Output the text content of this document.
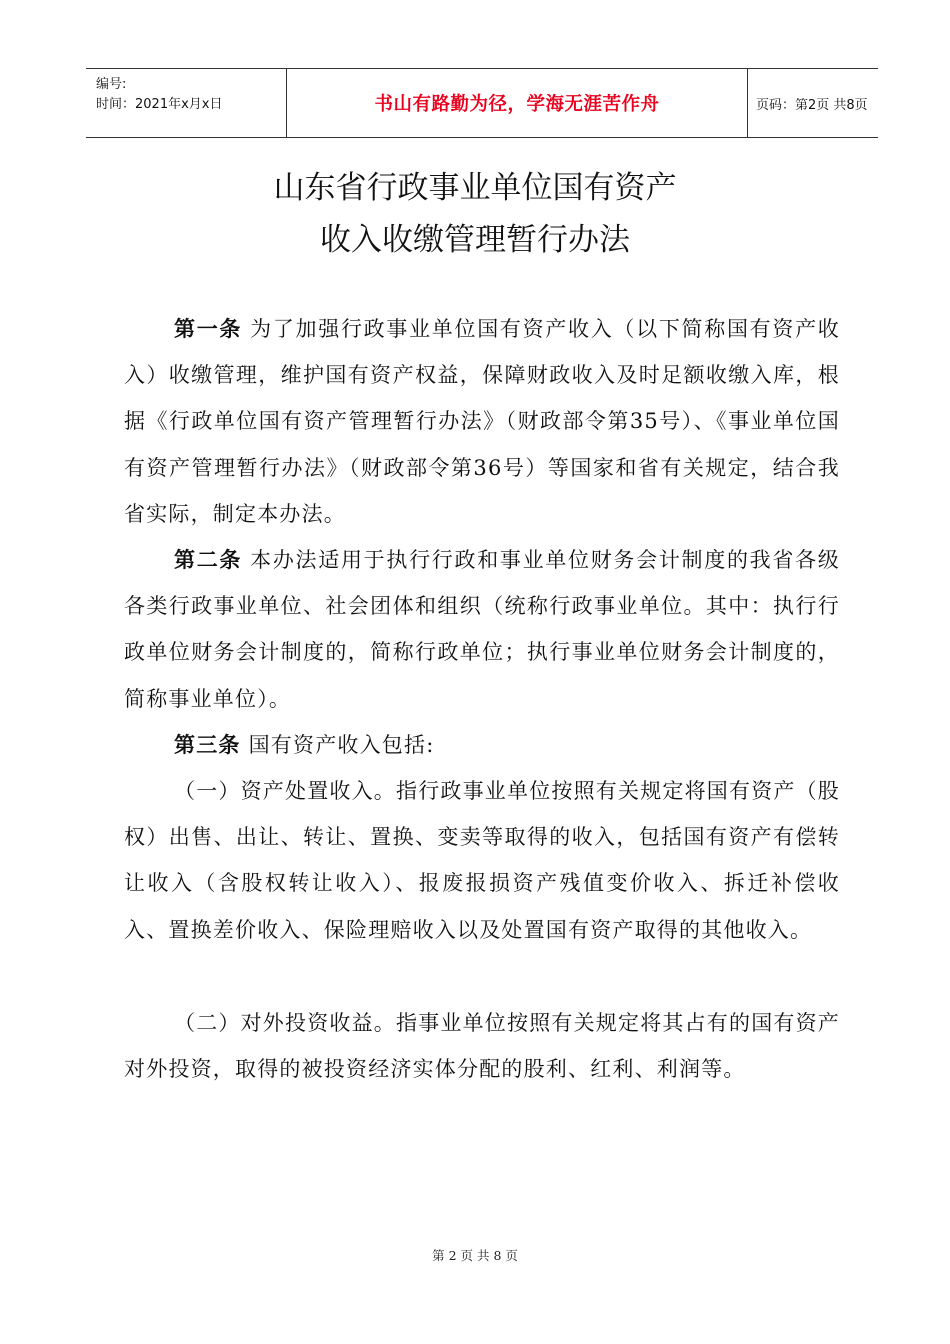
编号:
时间：2021年x月x日	书山有路勤为径，学海无涯苦作舟	页码：第2页 共8页
山东省行政事业单位国有资产
收入收缴管理暂行办法

第一条 为了加强行政事业单位国有资产收入（以下简称国有资产收入）收缴管理，维护国有资产权益，保障财政收入及时足额收缴入库，根据《行政单位国有资产管理暂行办法》（财政部令第35号）、《事业单位国有资产管理暂行办法》（财政部令第36号）等国家和省有关规定，结合我省实际，制定本办法。

第二条 本办法适用于执行行政和事业单位财务会计制度的我省各级各类行政事业单位、社会团体和组织（统称行政事业单位。其中：执行行政单位财务会计制度的，简称行政单位；执行事业单位财务会计制度的，简称事业单位）。

第三条 国有资产收入包括:

（一）资产处置收入。指行政事业单位按照有关规定将国有资产（股权）出售、出让、转让、置换、变卖等取得的收入，包括国有资产有偿转让收入（含股权转让收入）、报废报损资产残值变价收入、拆迁补偿收入、置换差价收入、保险理赔收入以及处置国有资产取得的其他收入。

（二）对外投资收益。指事业单位按照有关规定将其占有的国有资产对外投资，取得的被投资经济实体分配的股利、红利、利润等。

第 2 页 共 8 页
